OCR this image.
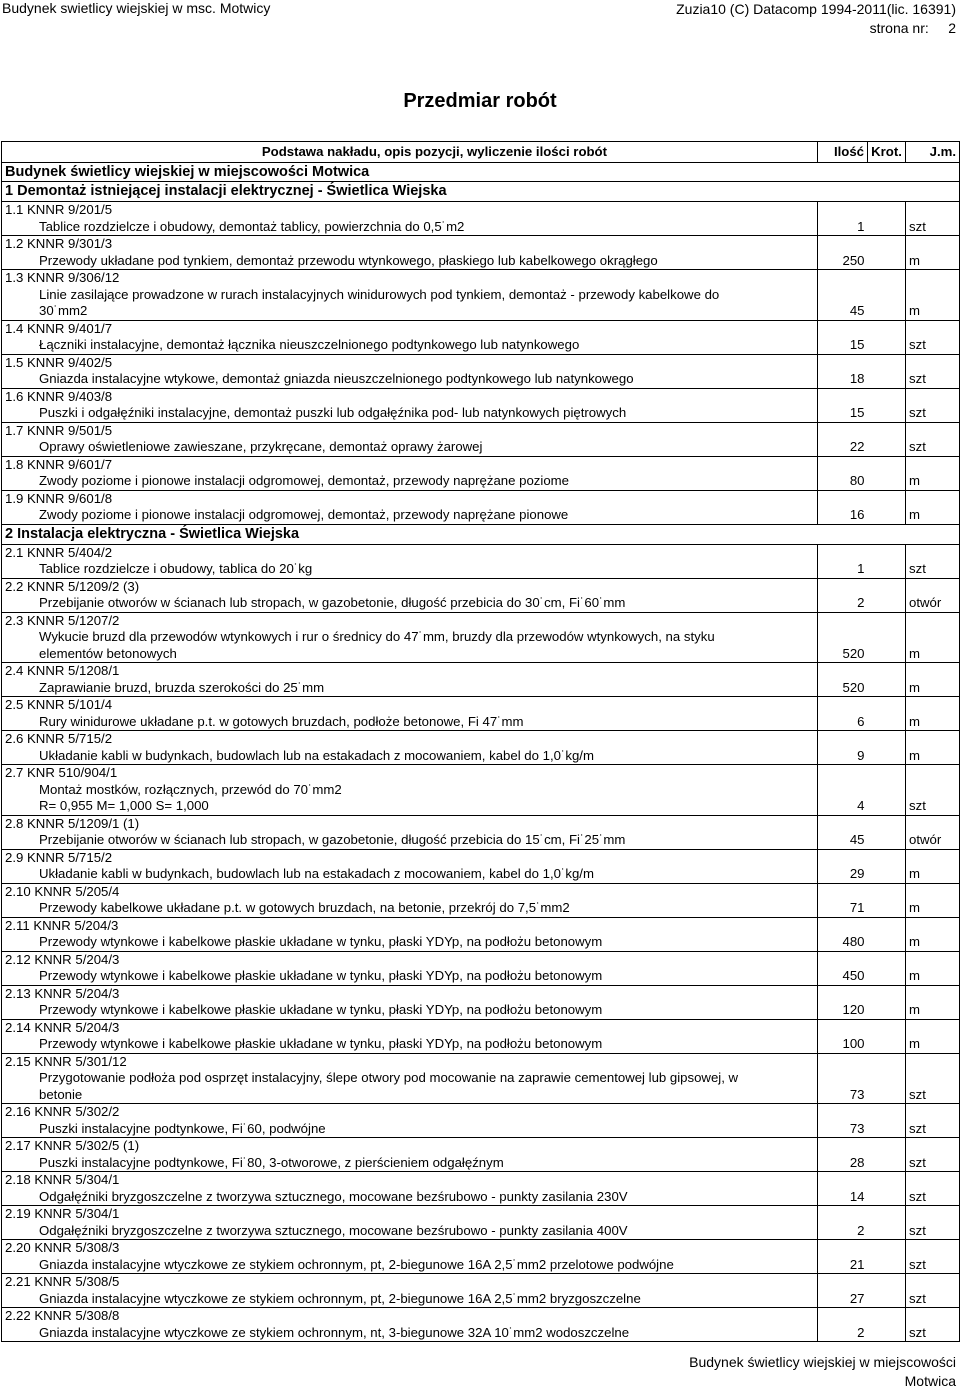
Budynek swietlicy wiejskiej w msc. Motwicy	Zuzia10 (C) Datacomp 1994-2011(lic. 16391)
strona nr:     2
Przedmiar robót
Podstawa nakładu, opis pozycji, wyliczenie ilości robót	Ilość	Krot.	J.m.
Budynek świetlicy wiejskiej w miejscowości Motwica			
1 Demontaż istniejącej instalacji elektrycznej - Świetlica Wiejska			

1.1 KNNR 9/201/5
Tablice rozdzielcze i obudowy, demontaż tablicy, powierzchnia do 0,5˙m2	1		szt

1.2 KNNR 9/301/3
Przewody układane pod tynkiem, demontaż przewodu wtynkowego, płaskiego lub kabelkowego okrągłego	250		m

1.3 KNNR 9/306/12
Linie zasilające prowadzone w rurach instalacyjnych winidurowych pod tynkiem, demontaż - przewody kabelkowe do
30˙mm2	45		m

1.4 KNNR 9/401/7
Łączniki instalacyjne, demontaż łącznika nieuszczelnionego podtynkowego lub natynkowego	15		szt

1.5 KNNR 9/402/5
Gniazda instalacyjne wtykowe, demontaż gniazda nieuszczelnionego podtynkowego lub natynkowego	18		szt

1.6 KNNR 9/403/8
Puszki i odgałęźniki instalacyjne, demontaż puszki lub odgałęźnika pod- lub natynkowych piętrowych	15		szt

1.7 KNNR 9/501/5
Oprawy oświetleniowe zawieszane, przykręcane, demontaż oprawy żarowej	22		szt

1.8 KNNR 9/601/7
Zwody poziome i pionowe instalacji odgromowej, demontaż, przewody naprężane poziome	80		m

1.9 KNNR 9/601/8
Zwody poziome i pionowe instalacji odgromowej, demontaż, przewody naprężane pionowe	16		m
2 Instalacja elektryczna - Świetlica Wiejska			

2.1 KNNR 5/404/2
Tablice rozdzielcze i obudowy, tablica do 20˙kg	1		szt

2.2 KNNR 5/1209/2 (3)
Przebijanie otworów w ścianach lub stropach, w gazobetonie, długość przebicia do 30˙cm, Fi˙60˙mm	2		otwór

2.3 KNNR 5/1207/2
Wykucie bruzd dla przewodów wtynkowych i rur o średnicy do 47˙mm, bruzdy dla przewodów wtynkowych, na styku
elementów betonowych	520		m

2.4 KNNR 5/1208/1
Zaprawianie bruzd, bruzda szerokości do 25˙mm	520		m

2.5 KNNR 5/101/4
Rury winidurowe układane p.t. w gotowych bruzdach, podłoże betonowe, Fi 47˙mm	6		m

2.6 KNNR 5/715/2
Układanie kabli w budynkach, budowlach lub na estakadach z mocowaniem, kabel do 1,0˙kg/m	9		m

2.7 KNR 510/904/1
Montaż mostków, rozłącznych, przewód do 70˙mm2
R= 0,955 M= 1,000 S= 1,000	4		szt

2.8 KNNR 5/1209/1 (1)
Przebijanie otworów w ścianach lub stropach, w gazobetonie, długość przebicia do 15˙cm, Fi˙25˙mm	45		otwór

2.9 KNNR 5/715/2
Układanie kabli w budynkach, budowlach lub na estakadach z mocowaniem, kabel do 1,0˙kg/m	29		m

2.10 KNNR 5/205/4
Przewody kabelkowe układane p.t. w gotowych bruzdach, na betonie, przekrój do 7,5˙mm2	71		m

2.11 KNNR 5/204/3
Przewody wtynkowe i kabelkowe płaskie układane w tynku, płaski YDYp, na podłożu betonowym	480		m

2.12 KNNR 5/204/3
Przewody wtynkowe i kabelkowe płaskie układane w tynku, płaski YDYp, na podłożu betonowym	450		m

2.13 KNNR 5/204/3
Przewody wtynkowe i kabelkowe płaskie układane w tynku, płaski YDYp, na podłożu betonowym	120		m

2.14 KNNR 5/204/3
Przewody wtynkowe i kabelkowe płaskie układane w tynku, płaski YDYp, na podłożu betonowym	100		m

2.15 KNNR 5/301/12
Przygotowanie podłoża pod osprzęt instalacyjny, ślepe otwory pod mocowanie na zaprawie cementowej lub gipsowej, w
betonie	73		szt

2.16 KNNR 5/302/2
Puszki instalacyjne podtynkowe, Fi˙60, podwójne	73		szt

2.17 KNNR 5/302/5 (1)
Puszki instalacyjne podtynkowe, Fi˙80, 3-otworowe, z pierścieniem odgałęźnym	28		szt

2.18 KNNR 5/304/1
Odgałęźniki bryzgoszczelne z tworzywa sztucznego, mocowane bezśrubowo - punkty zasilania 230V	14		szt

2.19 KNNR 5/304/1
Odgałęźniki bryzgoszczelne z tworzywa sztucznego, mocowane bezśrubowo - punkty zasilania 400V	2		szt

2.20 KNNR 5/308/3
Gniazda instalacyjne wtyczkowe ze stykiem ochronnym, pt, 2-biegunowe 16A 2,5˙mm2 przelotowe podwójne	21		szt

2.21 KNNR 5/308/5
Gniazda instalacyjne wtyczkowe ze stykiem ochronnym, pt, 2-biegunowe 16A 2,5˙mm2 bryzgoszczelne	27		szt

2.22 KNNR 5/308/8
Gniazda instalacyjne wtyczkowe ze stykiem ochronnym, nt, 3-biegunowe 32A 10˙mm2 wodoszczelne	2		szt
Budynek świetlicy wiejskiej w miejscowości
Motwica
